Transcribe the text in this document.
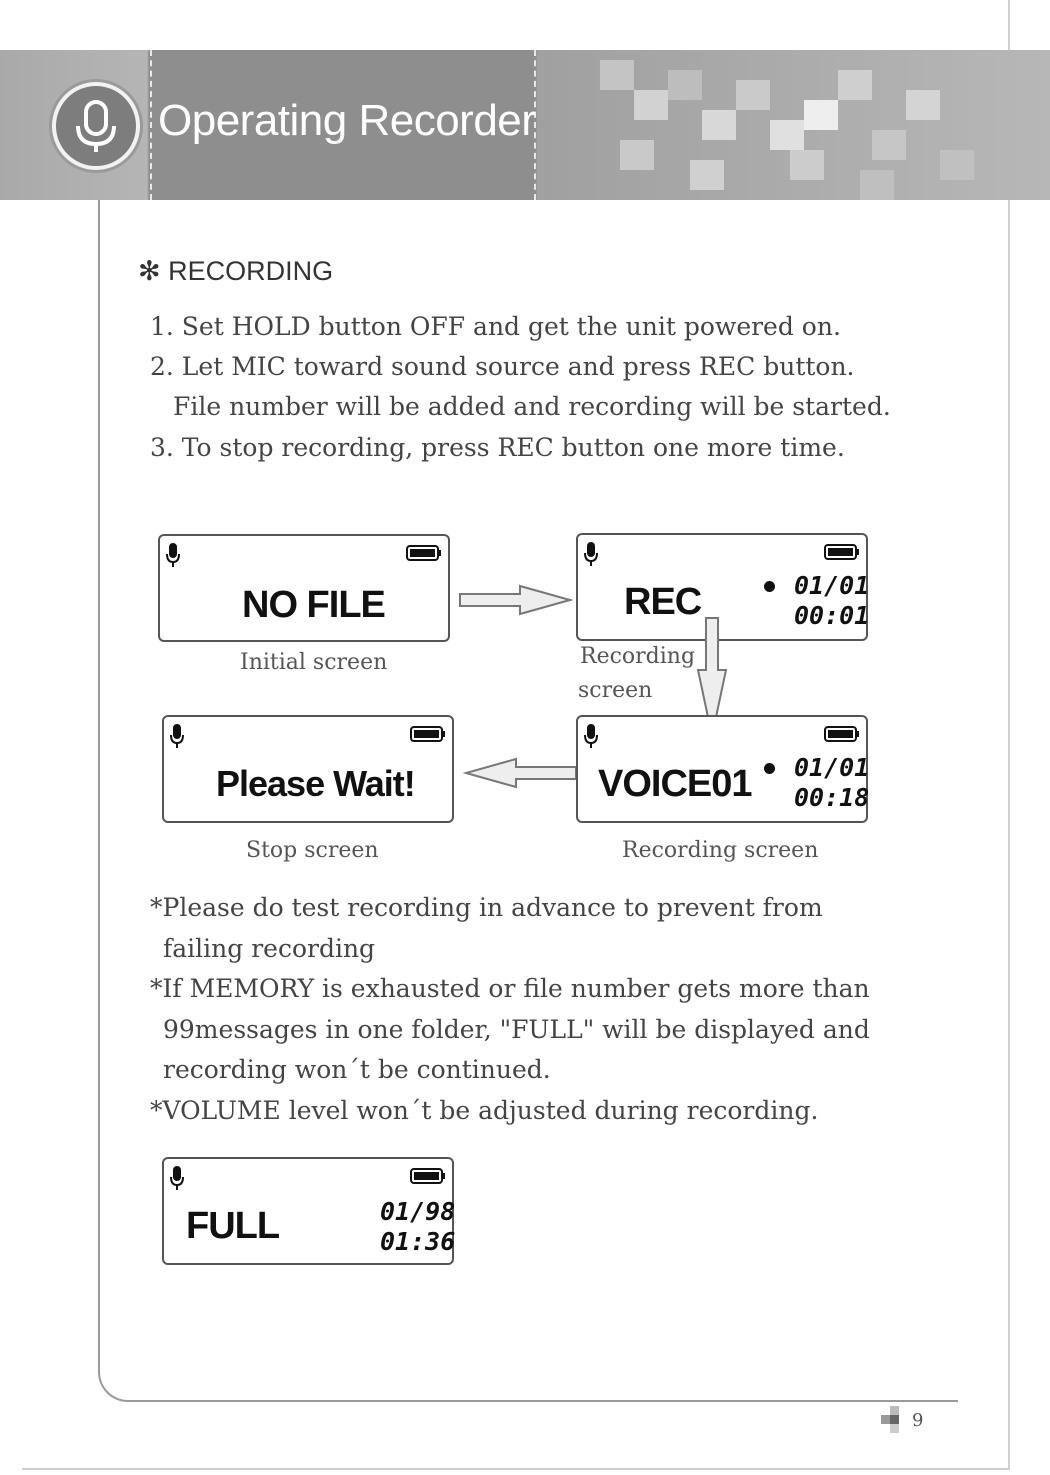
Operating Recorder
✻ RECORDING
1. Set HOLD button OFF and get the unit powered on.
2. Let MIC toward sound source and press REC button.
File number will be added and recording will be started.
3. To stop recording, press REC button one more time.
NO FILE
Initial screen
REC	01/01
00:01
Recording
screen
Please Wait!
Stop screen
VOICE01 01/01
00:18
Recording screen
*Please do test recording in advance to prevent from
failing recording
*If MEMORY is exhausted or file number gets more than
99messages in one folder, "FULL" will be displayed and
recording won´t be continued.
*VOLUME level won´t be adjusted during recording.
FULL	01/98
01:36
9
